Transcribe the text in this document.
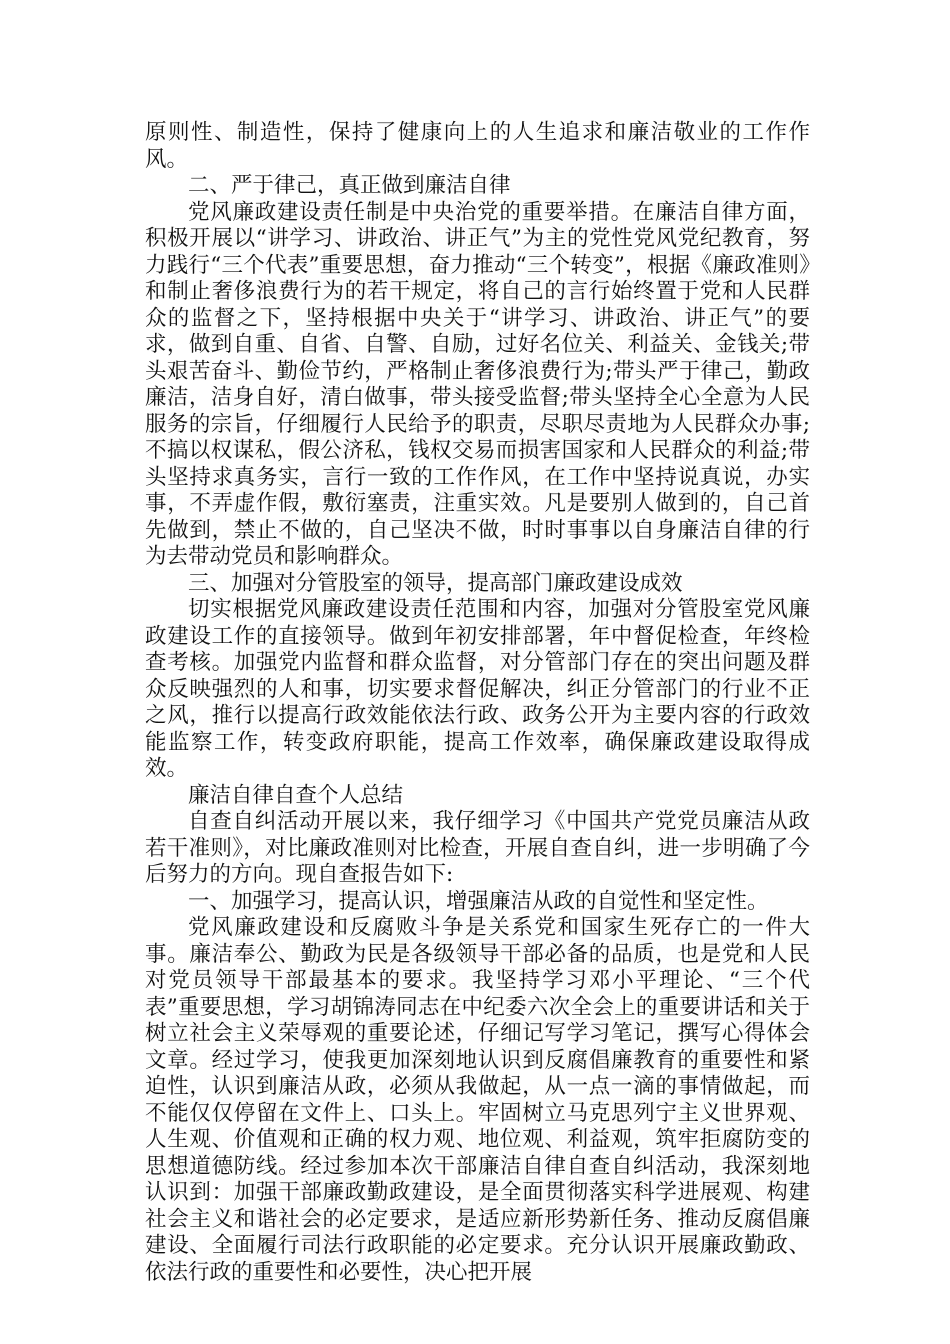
原则性、制造性，保持了健康向上的人生追求和廉洁敬业的工作作风。

二、严于律己，真正做到廉洁自律

党风廉政建设责任制是中央治党的重要举措。在廉洁自律方面，积极开展以“讲学习、讲政治、讲正气”为主的党性党风党纪教育，努力践行“三个代表”重要思想，奋力推动“三个转变”，根据《廉政准则》和制止奢侈浪费行为的若干规定，将自己的言行始终置于党和人民群众的监督之下，坚持根据中央关于“讲学习、讲政治、讲正气”的要求，做到自重、自省、自警、自励，过好名位关、利益关、金钱关;带头艰苦奋斗、勤俭节约，严格制止奢侈浪费行为;带头严于律己，勤政廉洁，洁身自好，清白做事，带头接受监督;带头坚持全心全意为人民服务的宗旨，仔细履行人民给予的职责，尽职尽责地为人民群众办事;不搞以权谋私，假公济私，钱权交易而损害国家和人民群众的利益;带头坚持求真务实，言行一致的工作作风，在工作中坚持说真说，办实事，不弄虚作假，敷衍塞责，注重实效。凡是要别人做到的，自己首先做到，禁止不做的，自己坚决不做，时时事事以自身廉洁自律的行为去带动党员和影响群众。

三、加强对分管股室的领导，提高部门廉政建设成效

切实根据党风廉政建设责任范围和内容，加强对分管股室党风廉政建设工作的直接领导。做到年初安排部署，年中督促检查，年终检查考核。加强党内监督和群众监督，对分管部门存在的突出问题及群众反映强烈的人和事，切实要求督促解决，纠正分管部门的行业不正之风，推行以提高行政效能依法行政、政务公开为主要内容的行政效能监察工作，转变政府职能，提高工作效率，确保廉政建设取得成效。

廉洁自律自查个人总结

自查自纠活动开展以来，我仔细学习《中国共产党党员廉洁从政若干准则》，对比廉政准则对比检查，开展自查自纠，进一步明确了今后努力的方向。现自查报告如下:

一、加强学习，提高认识，增强廉洁从政的自觉性和坚定性。

党风廉政建设和反腐败斗争是关系党和国家生死存亡的一件大事。廉洁奉公、勤政为民是各级领导干部必备的品质，也是党和人民对党员领导干部最基本的要求。我坚持学习邓小平理论、“三个代表”重要思想，学习胡锦涛同志在中纪委六次全会上的重要讲话和关于树立社会主义荣辱观的重要论述，仔细记写学习笔记，撰写心得体会文章。经过学习，使我更加深刻地认识到反腐倡廉教育的重要性和紧迫性，认识到廉洁从政，必须从我做起，从一点一滴的事情做起，而不能仅仅停留在文件上、口头上。牢固树立马克思列宁主义世界观、人生观、价值观和正确的权力观、地位观、利益观，筑牢拒腐防变的思想道德防线。经过参加本次干部廉洁自律自查自纠活动，我深刻地认识到：加强干部廉政勤政建设，是全面贯彻落实科学进展观、构建社会主义和谐社会的必定要求，是适应新形势新任务、推动反腐倡廉建设、全面履行司法行政职能的必定要求。充分认识开展廉政勤政、依法行政的重要性和必要性，决心把开展
